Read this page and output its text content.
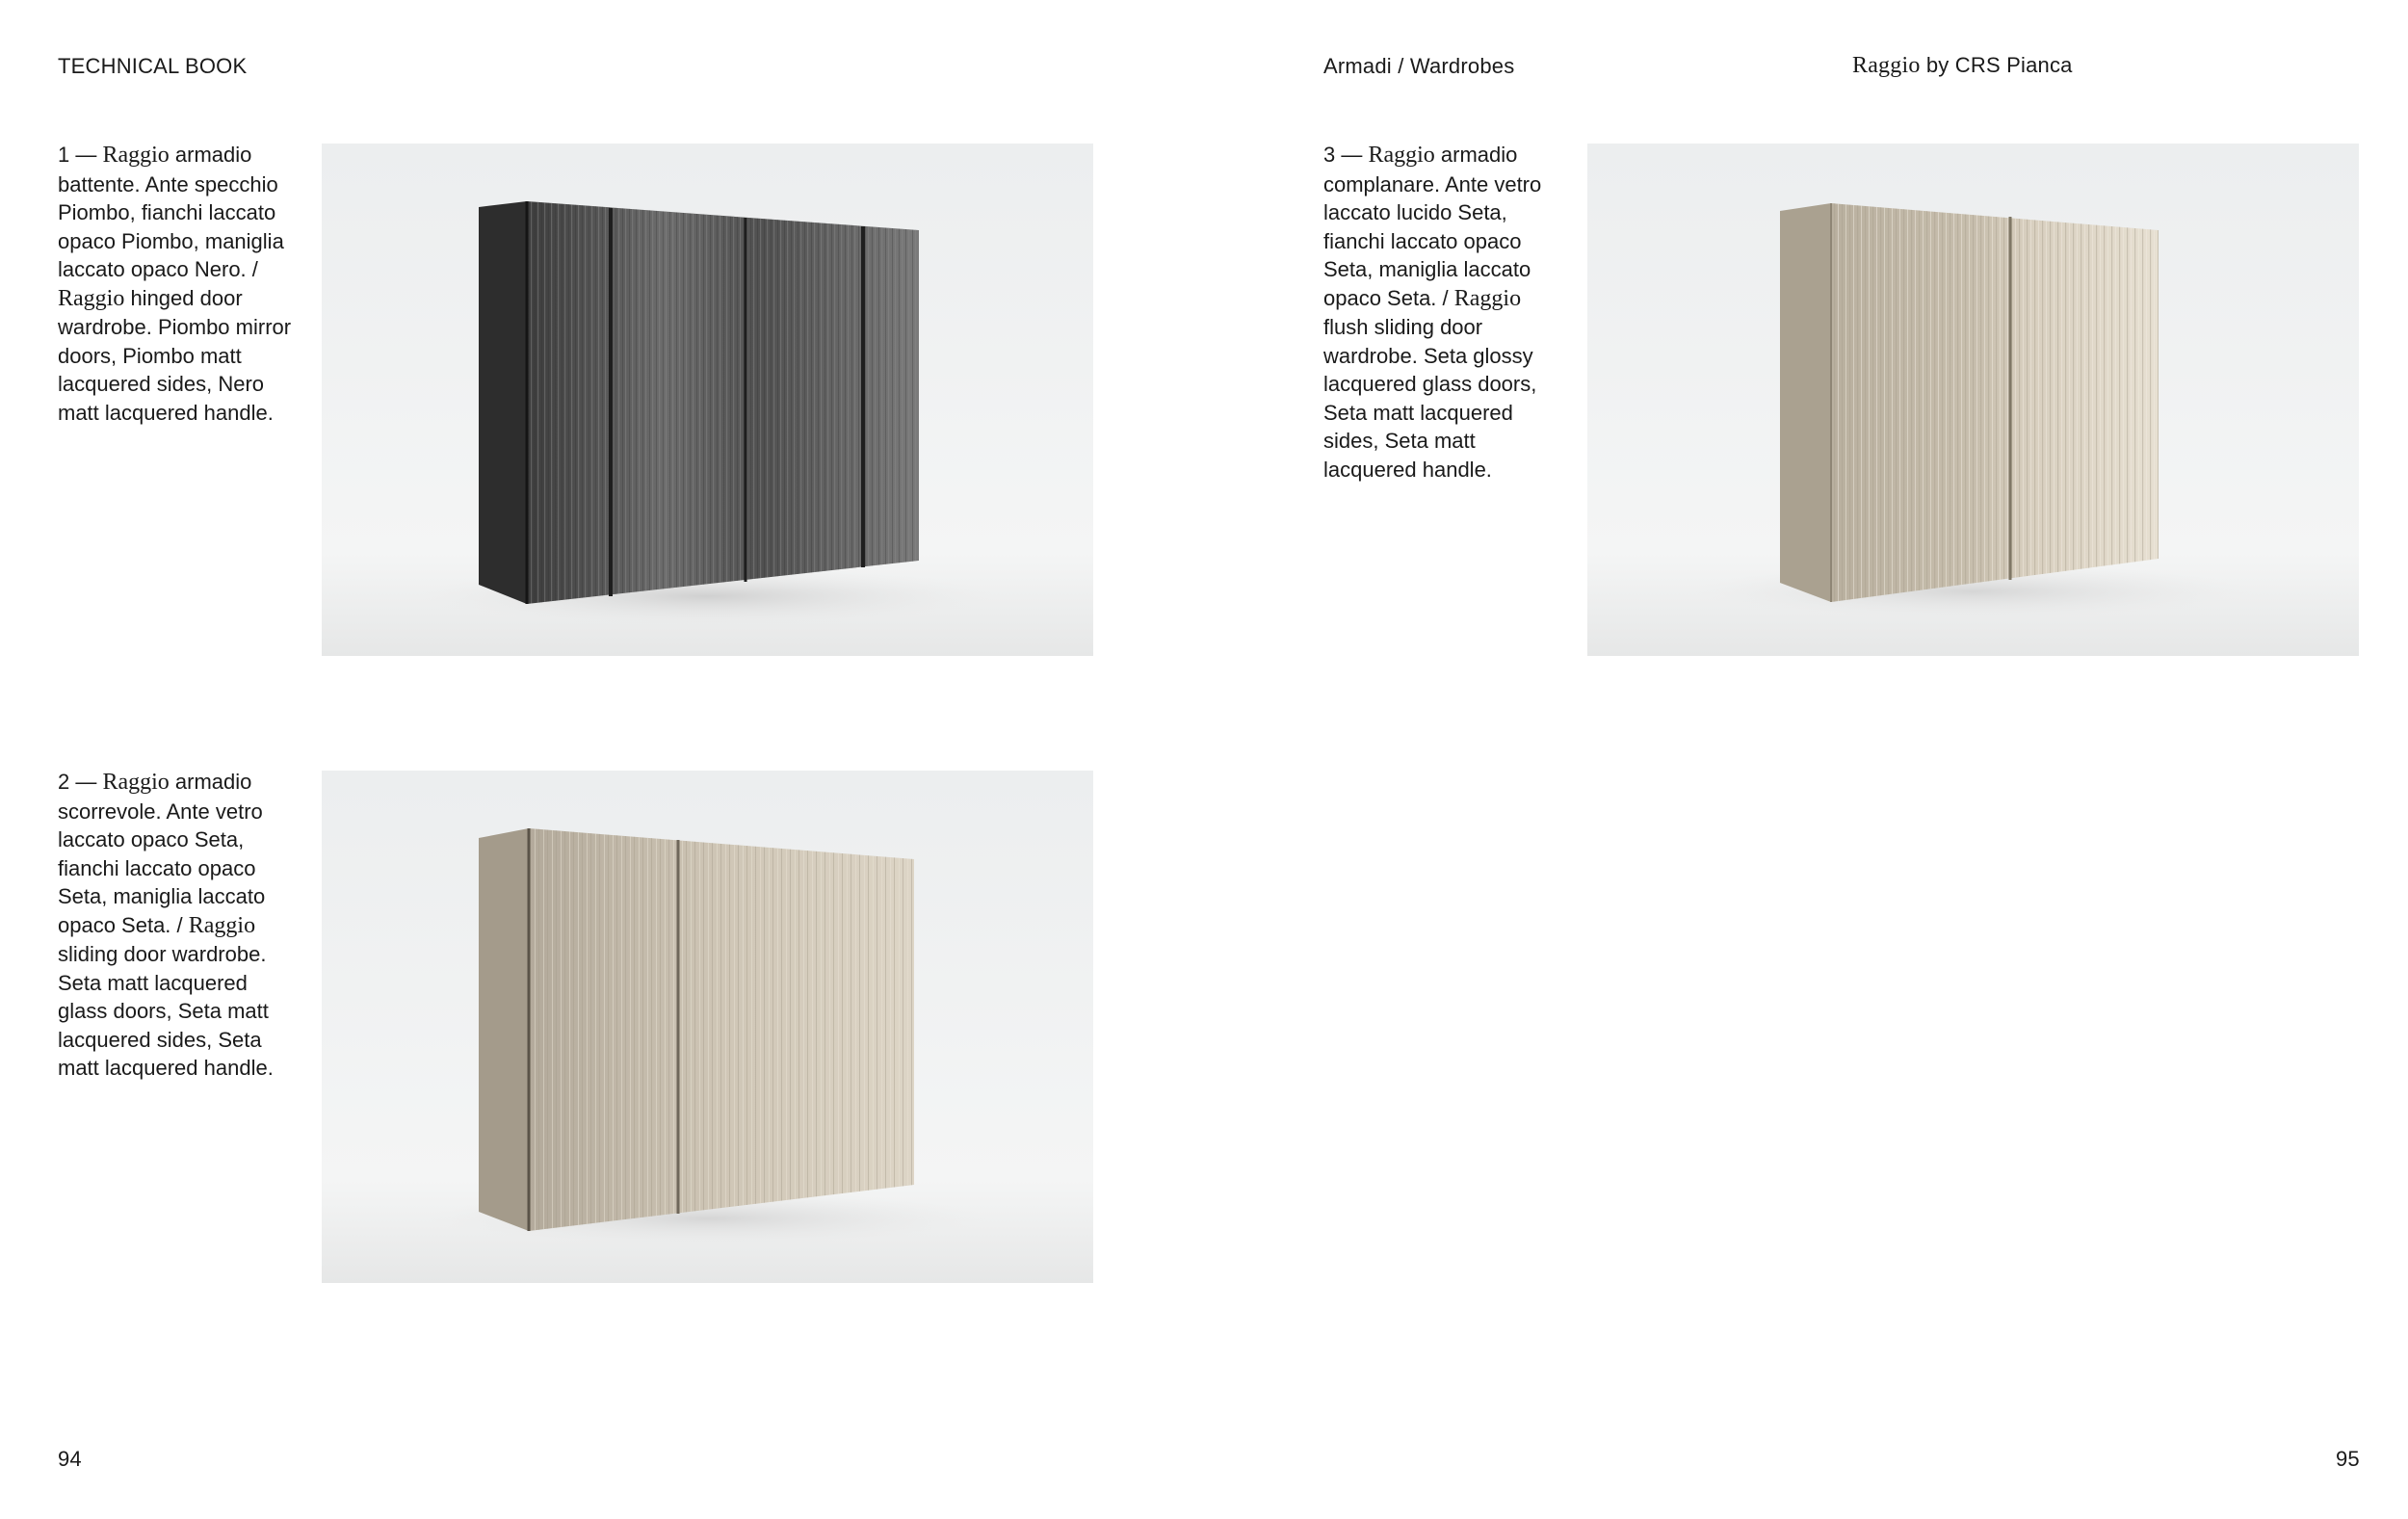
TECHNICAL BOOK	Armadi / Wardrobes	Raggio by CRS Pianca
1 — Raggio armadio
battente. Ante specchio
Piombo, fianchi laccato
opaco Piombo, maniglia
laccato opaco Nero. /
Raggio hinged door
wardrobe. Piombo mirror
doors, Piombo matt
lacquered sides, Nero
matt lacquered handle.
2 — Raggio armadio
scorrevole. Ante vetro
laccato opaco Seta,
fianchi laccato opaco
Seta, maniglia laccato
opaco Seta. / Raggio
sliding door wardrobe.
Seta matt lacquered
glass doors, Seta matt
lacquered sides, Seta
matt lacquered handle.
3 — Raggio armadio
complanare. Ante vetro
laccato lucido Seta,
fianchi laccato opaco
Seta, maniglia laccato
opaco Seta. / Raggio
flush sliding door
wardrobe. Seta glossy
lacquered glass doors,
Seta matt lacquered
sides, Seta matt
lacquered handle.
94	95
